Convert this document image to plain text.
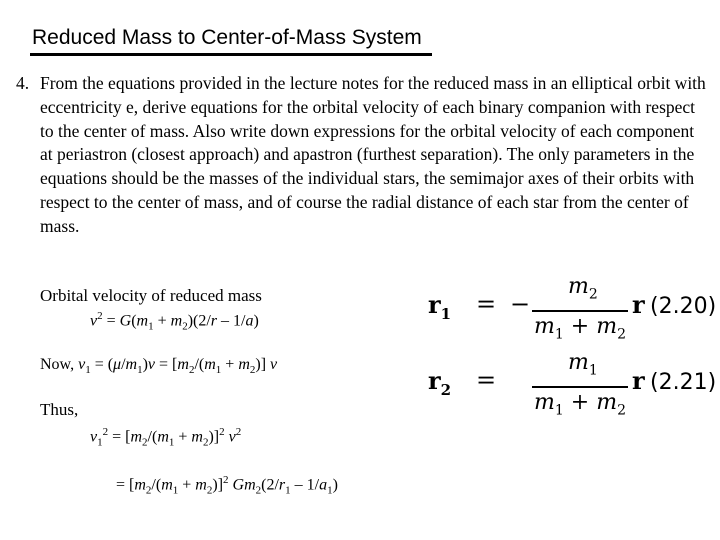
Reduced Mass to Center-of-Mass System
4. From the equations provided in the lecture notes for the reduced mass in an elliptical orbit with eccentricity e, derive equations for the orbital velocity of each binary companion with respect to the center of mass. Also write down expressions for the orbital velocity of each component at periastron (closest approach) and apastron (furthest separation). The only parameters in the equations should be the masses of the individual stars, the semimajor axes of their orbits with respect to the center of mass, and of course the radial distance of each star from the center of mass.
Orbital velocity of reduced mass
$v^2 = G(m_1 + m_2)(2/r - 1/a)$
Now, $v_1 = (\mu/m_1)v = [m_2/(m_1 + m_2)]$ v
Thus,
$v_1^2 = [m_2/(m_1 + m_2)]^2$ $v^2$
= $[m_2/(m_1 + m_2)]^2$ $Gm_2(2/r_1 - 1/a_1)$
$r_1$ = −
$m_2$
$m_1 + m_2$
r (2.20)
$r_2$ =
$m_1$
$m_1 + m_2$
r (2.21)
